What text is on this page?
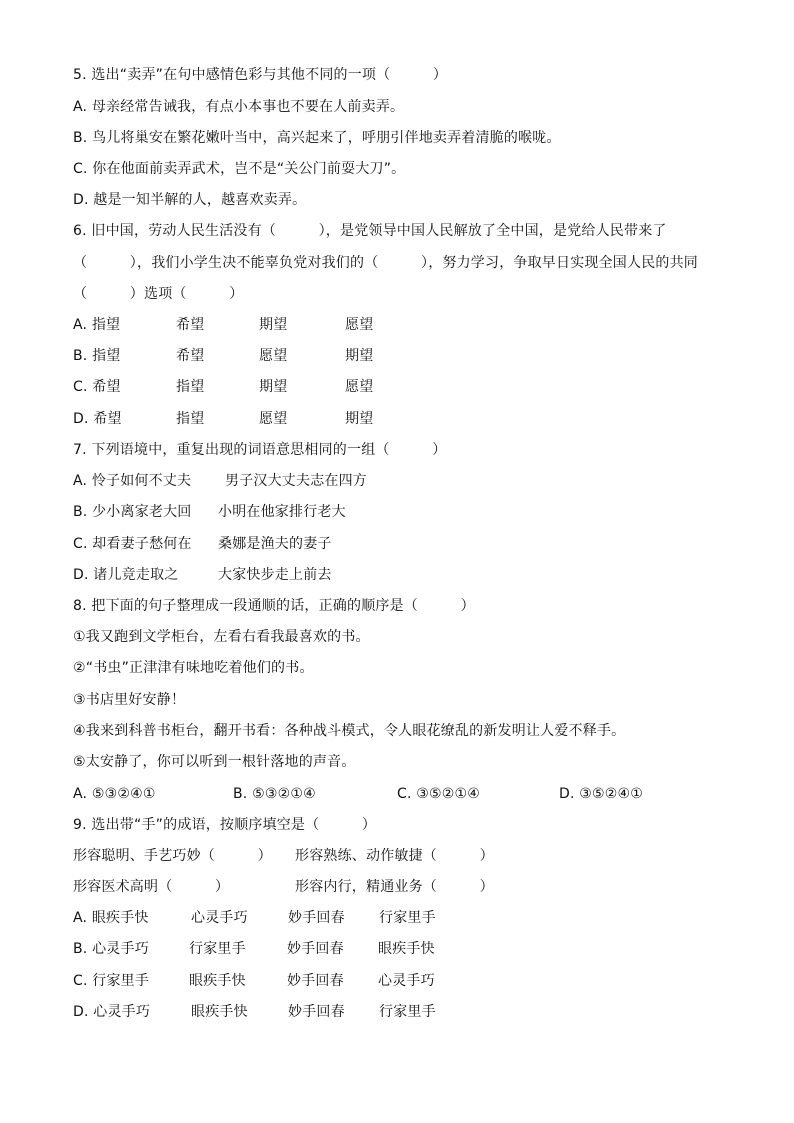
5. 选出“卖弄”在句中感情色彩与其他不同的一项（　　　）
A. 母亲经常告诫我，有点小本事也不要在人前卖弄。
B. 鸟儿将巢安在繁花嫩叶当中，高兴起来了，呼朋引伴地卖弄着清脆的喉咙。
C. 你在他面前卖弄武术，岂不是“关公门前耍大刀”。
D. 越是一知半解的人，越喜欢卖弄。
6. 旧中国，劳动人民生活没有（　　　），是党领导中国人民解放了全中国，是党给人民带来了
（　　　），我们小学生决不能辜负党对我们的（　　　），努力学习，争取早日实现全国人民的共同
（　　　）选项（　　　）
A. 指望	希望	期望	愿望
B. 指望	希望	愿望	期望
C. 希望	指望	期望	愿望
D. 希望	指望	愿望	期望
7. 下列语境中，重复出现的词语意思相同的一组（　　　）
A. 怜子如何不丈夫 男子汉大丈夫志在四方
B. 少小离家老大回 小明在他家排行老大
C. 却看妻子愁何在 桑娜是渔夫的妻子
D. 诸儿竞走取之	大家快步走上前去
8. 把下面的句子整理成一段通顺的话，正确的顺序是（　　　）
①我又跑到文学柜台，左看右看我最喜欢的书。
②“书虫”正津津有味地吃着他们的书。
③书店里好安静！
④我来到科普书柜台，翻开书看：各种战斗模式，令人眼花缭乱的新发明让人爱不释手。
⑤太安静了，你可以听到一根针落地的声音。
A. ⑤③②④①	B. ⑤③②①④	C. ③⑤②①④	D. ③⑤②④①
9. 选出带“手”的成语，按顺序填空是（　　　）
形容聪明、手艺巧妙（　　　） 形容熟练、动作敏捷（　　　）
形容医术高明（　　　）	形容内行，精通业务（　　　）
A. 眼疾手快	心灵手巧	妙手回春	行家里手
B. 心灵手巧	行家里手	妙手回春	眼疾手快
C. 行家里手	眼疾手快	妙手回春	心灵手巧
D. 心灵手巧	眼疾手快	妙手回春	行家里手
